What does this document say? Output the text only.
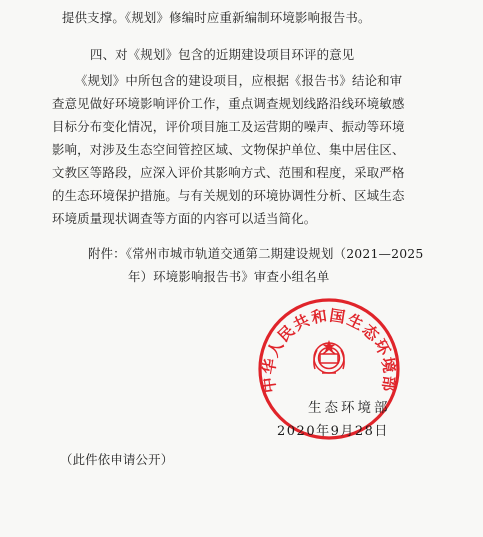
提供支撑。《规划》修编时应重新编制环境影响报告书。
四、对《规划》包含的近期建设项目环评的意见
《规划》中所包含的建设项目，应根据《报告书》结论和审
查意见做好环境影响评价工作，重点调查规划线路沿线环境敏感
目标分布变化情况，评价项目施工及运营期的噪声、振动等环境
影响，对涉及生态空间管控区域、文物保护单位、集中居住区、
文教区等路段，应深入评价其影响方式、范围和程度，采取严格
的生态环境保护措施。与有关规划的环境协调性分析、区域生态
环境质量现状调查等方面的内容可以适当简化。
附件：《常州市城市轨道交通第二期建设规划（2021—2025
年）环境影响报告书》审查小组名单
中华人民共和国生态环境部
生态环境部
2020年9月28日
（此件依申请公开）
